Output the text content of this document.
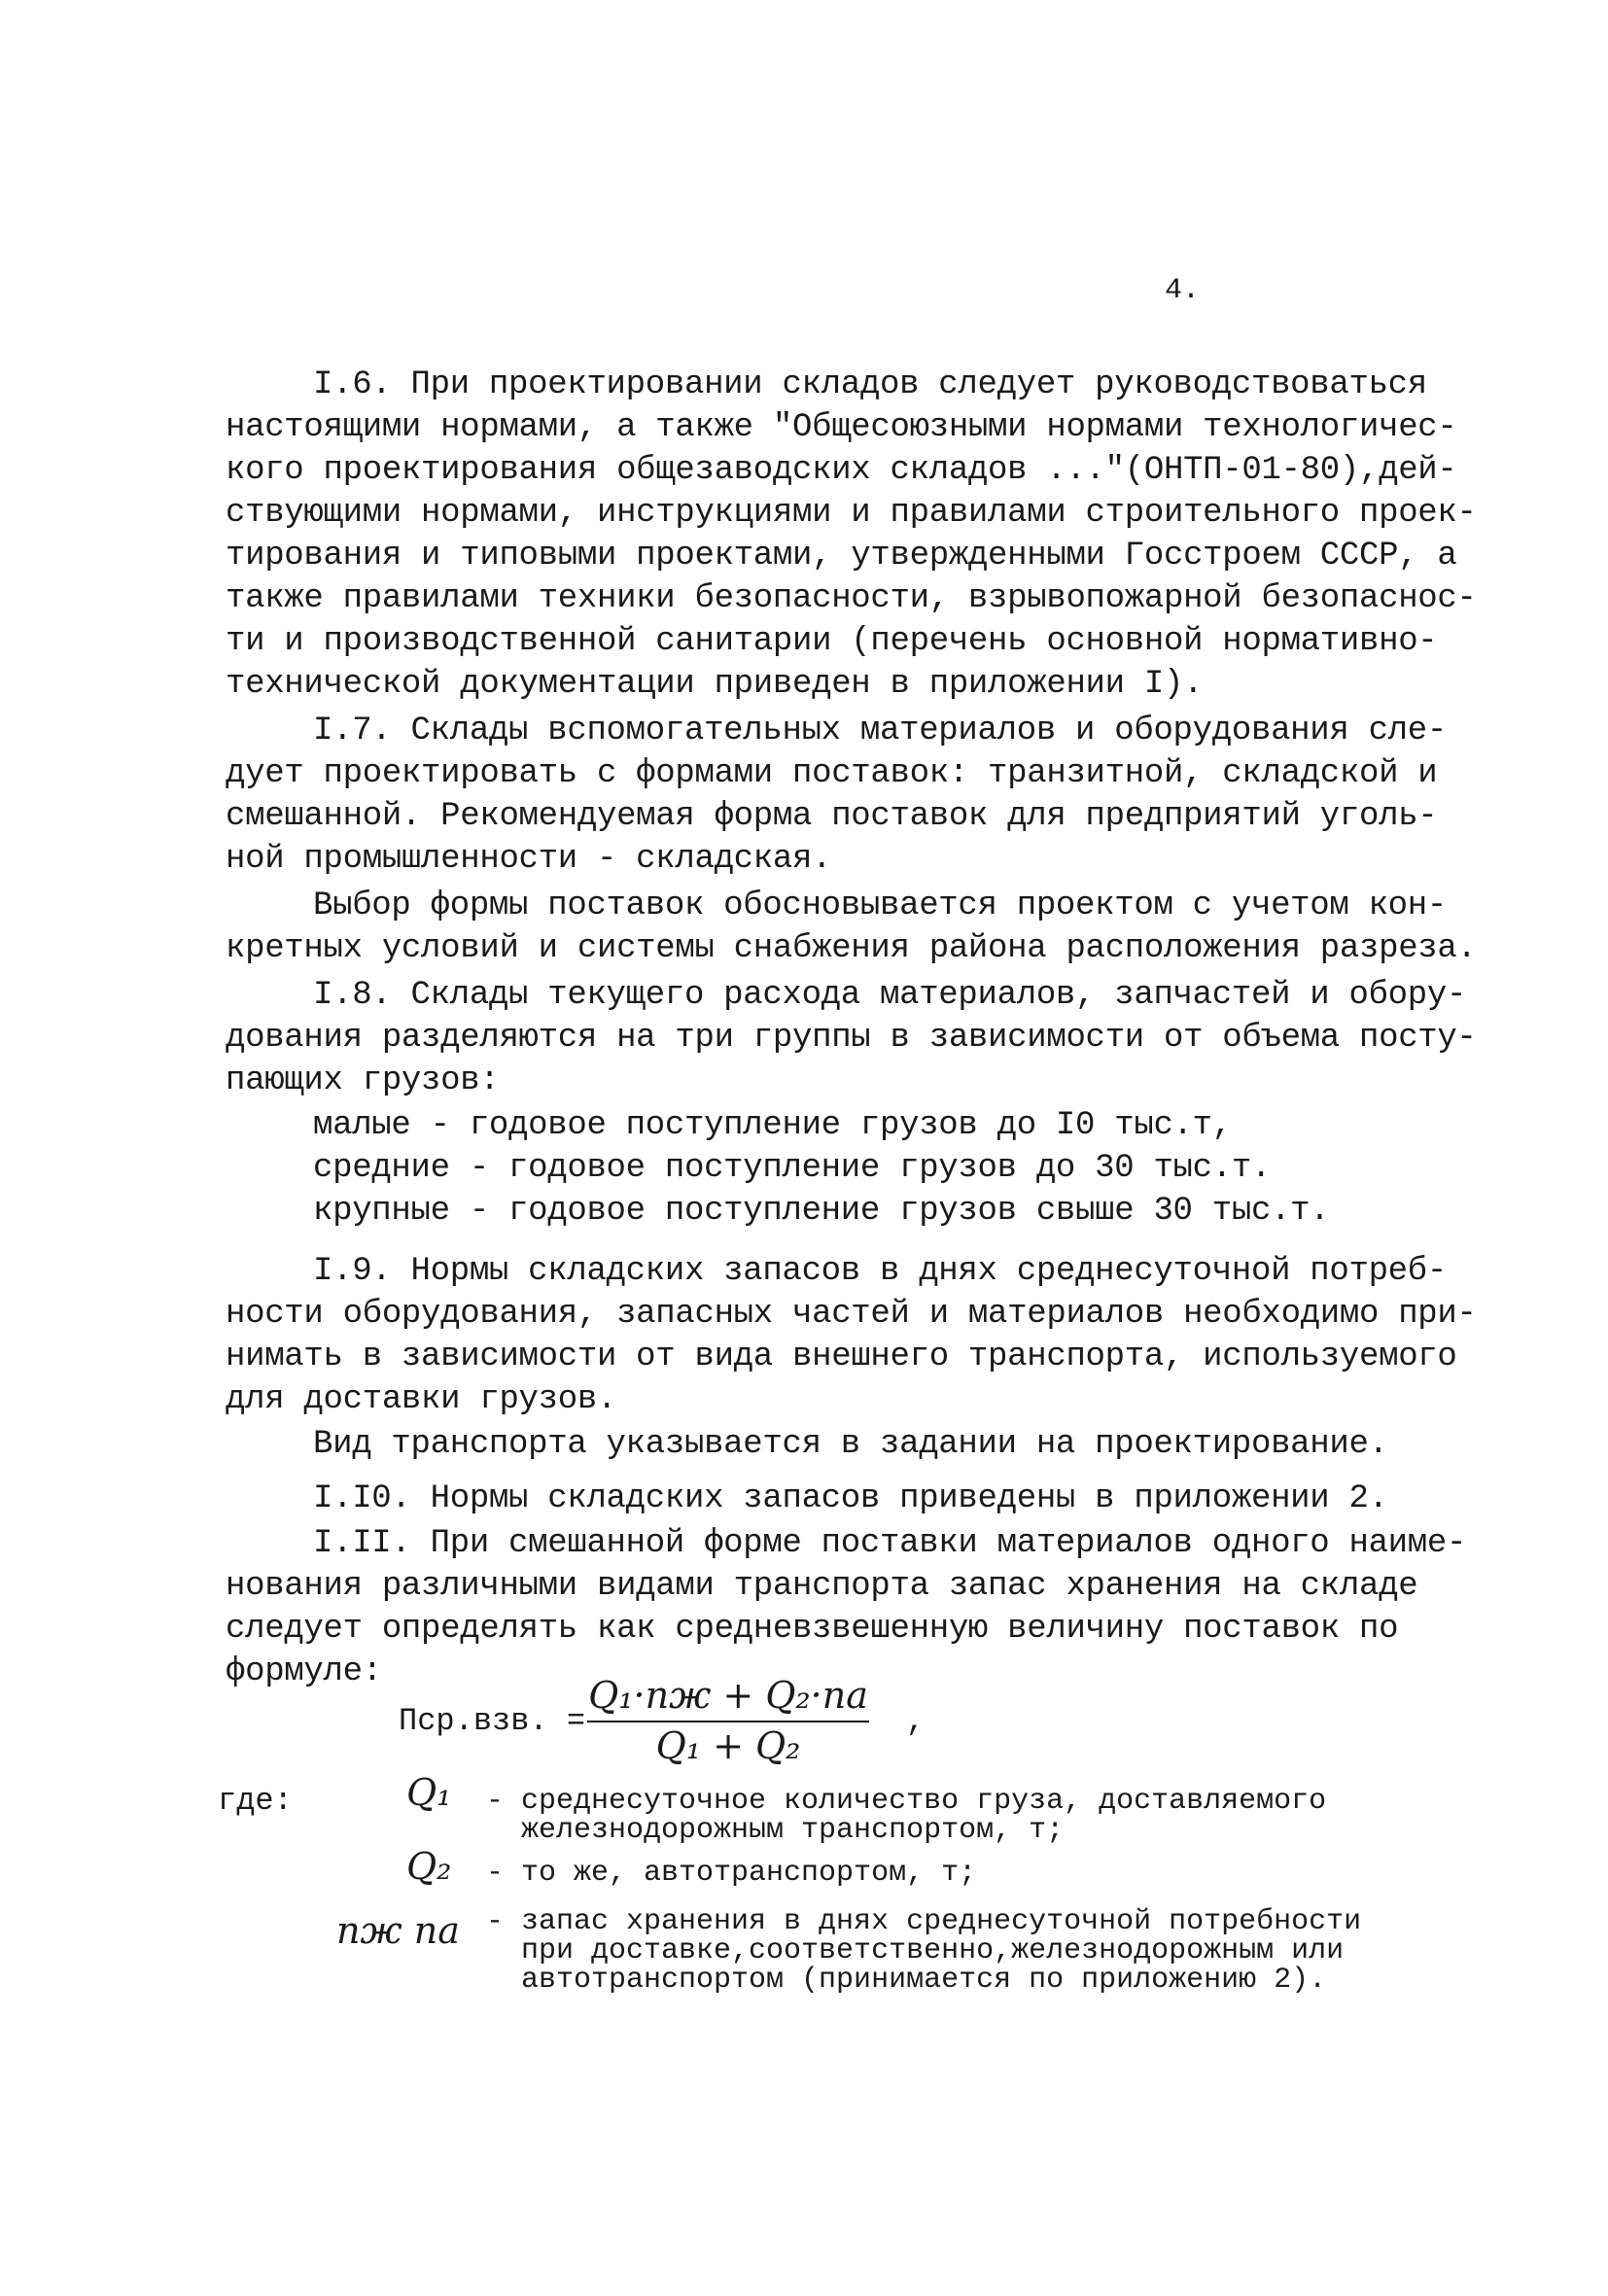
4.
I.6. При проектировании складов следует руководствоваться
настоящими нормами, а также "Общесоюзными нормами технологичес-
кого проектирования общезаводских складов ..."(ОНТП-01-80),дей-
ствующими нормами, инструкциями и правилами строительного проек-
тирования и типовыми проектами, утвержденными Госстроем СССР, а
также правилами техники безопасности, взрывопожарной безопаснос-
ти и производственной санитарии (перечень основной нормативно-
технической документации приведен в приложении I).
I.7. Склады вспомогательных материалов и оборудования сле-
дует проектировать с формами поставок: транзитной, складской и
смешанной. Рекомендуемая форма поставок для предприятий уголь-
ной промышленности - складская.
Выбор формы поставок обосновывается проектом с учетом кон-
кретных условий и системы снабжения района расположения разреза.
I.8. Склады текущего расхода материалов, запчастей и обору-
дования разделяются на три группы в зависимости от объема посту-
пающих грузов:
малые - годовое поступление грузов до I0 тыс.т,
средние - годовое поступление грузов до 30 тыс.т.
крупные - годовое поступление грузов свыше 30 тыс.т.
I.9. Нормы складских запасов в днях среднесуточной потреб-
ности оборудования, запасных частей и материалов необходимо при-
нимать в зависимости от вида внешнего транспорта, используемого
для доставки грузов.
Вид транспорта указывается в задании на проектирование.
I.I0. Нормы складских запасов приведены в приложении 2.
I.II. При смешанной форме поставки материалов одного наиме-
нования различными видами транспорта запас хранения на складе
следует определять как средневзвешенную величину поставок по
формуле:
Пср.взв. =
Q₁·nж + Q₂·nа
Q₁ + Q₂
,
где:	Q₁ - среднесуточное количество груза, доставляемого
железнодорожным транспортом, т;
Q₂ - то же, автотранспортом, т;
nж nа - запас хранения в днях среднесуточной потребности
при доставке,соответственно,железнодорожным или
автотранспортом (принимается по приложению 2).
